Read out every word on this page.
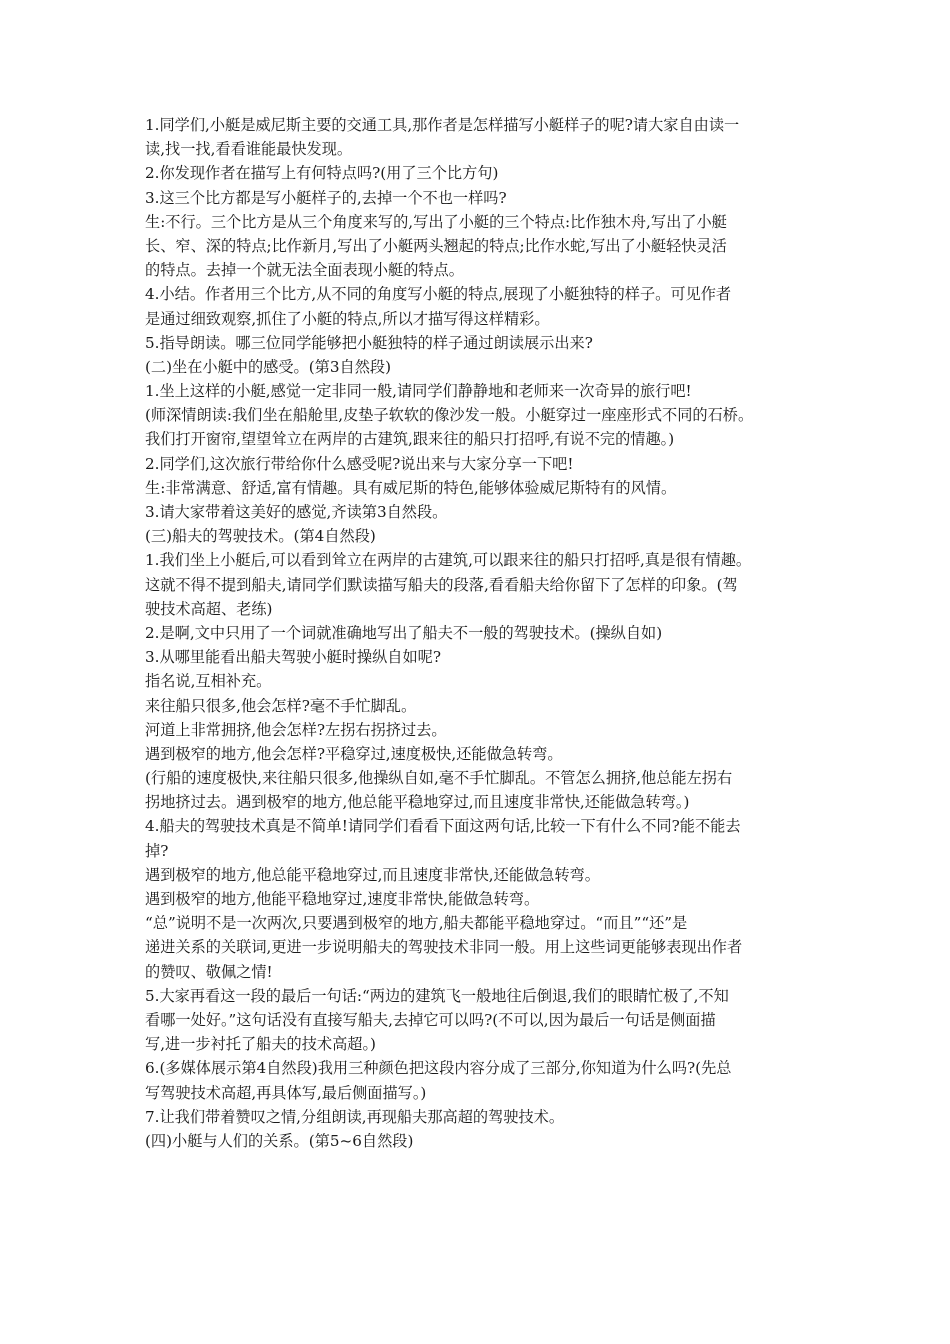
1.同学们,小艇是威尼斯主要的交通工具,那作者是怎样描写小艇样子的呢?请大家自由读一
读,找一找,看看谁能最快发现。
2.你发现作者在描写上有何特点吗?(用了三个比方句)
3.这三个比方都是写小艇样子的,去掉一个不也一样吗?
生:不行。三个比方是从三个角度来写的,写出了小艇的三个特点:比作独木舟,写出了小艇
长、窄、深的特点;比作新月,写出了小艇两头翘起的特点;比作水蛇,写出了小艇轻快灵活
的特点。去掉一个就无法全面表现小艇的特点。
4.小结。作者用三个比方,从不同的角度写小艇的特点,展现了小艇独特的样子。可见作者
是通过细致观察,抓住了小艇的特点,所以才描写得这样精彩。
5.指导朗读。哪三位同学能够把小艇独特的样子通过朗读展示出来?
(二)坐在小艇中的感受。(第3自然段)
1.坐上这样的小艇,感觉一定非同一般,请同学们静静地和老师来一次奇异的旅行吧!
(师深情朗读:我们坐在船舱里,皮垫子软软的像沙发一般。小艇穿过一座座形式不同的石桥。
我们打开窗帘,望望耸立在两岸的古建筑,跟来往的船只打招呼,有说不完的情趣。)
2.同学们,这次旅行带给你什么感受呢?说出来与大家分享一下吧!
生:非常满意、舒适,富有情趣。具有威尼斯的特色,能够体验威尼斯特有的风情。
3.请大家带着这美好的感觉,齐读第3自然段。
(三)船夫的驾驶技术。(第4自然段)
1.我们坐上小艇后,可以看到耸立在两岸的古建筑,可以跟来往的船只打招呼,真是很有情趣。
这就不得不提到船夫,请同学们默读描写船夫的段落,看看船夫给你留下了怎样的印象。(驾
驶技术高超、老练)
2.是啊,文中只用了一个词就准确地写出了船夫不一般的驾驶技术。(操纵自如)
3.从哪里能看出船夫驾驶小艇时操纵自如呢?
指名说,互相补充。
来往船只很多,他会怎样?毫不手忙脚乱。
河道上非常拥挤,他会怎样?左拐右拐挤过去。
遇到极窄的地方,他会怎样?平稳穿过,速度极快,还能做急转弯。
(行船的速度极快,来往船只很多,他操纵自如,毫不手忙脚乱。不管怎么拥挤,他总能左拐右
拐地挤过去。遇到极窄的地方,他总能平稳地穿过,而且速度非常快,还能做急转弯。)
4.船夫的驾驶技术真是不简单!请同学们看看下面这两句话,比较一下有什么不同?能不能去
掉?
遇到极窄的地方,他总能平稳地穿过,而且速度非常快,还能做急转弯。
遇到极窄的地方,他能平稳地穿过,速度非常快,能做急转弯。
“总”说明不是一次两次,只要遇到极窄的地方,船夫都能平稳地穿过。“而且”“还”是
递进关系的关联词,更进一步说明船夫的驾驶技术非同一般。用上这些词更能够表现出作者
的赞叹、敬佩之情!
5.大家再看这一段的最后一句话:“两边的建筑飞一般地往后倒退,我们的眼睛忙极了,不知
看哪一处好。”这句话没有直接写船夫,去掉它可以吗?(不可以,因为最后一句话是侧面描
写,进一步衬托了船夫的技术高超。)
6.(多媒体展示第4自然段)我用三种颜色把这段内容分成了三部分,你知道为什么吗?(先总
写驾驶技术高超,再具体写,最后侧面描写。)
7.让我们带着赞叹之情,分组朗读,再现船夫那高超的驾驶技术。
(四)小艇与人们的关系。(第5~6自然段)
